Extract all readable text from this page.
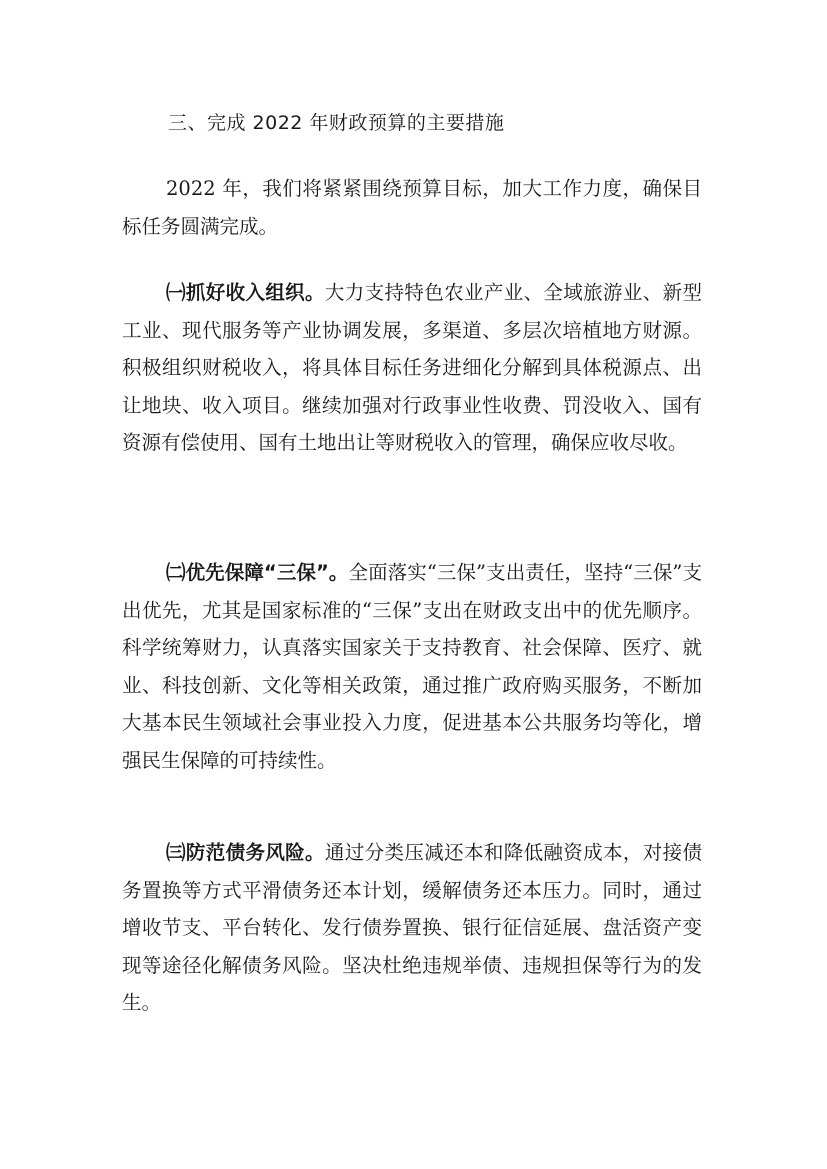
三、完成 2022 年财政预算的主要措施

2022 年，我们将紧紧围绕预算目标，加大工作力度，确保目标任务圆满完成。

㈠抓好收入组织。大力支持特色农业产业、全域旅游业、新型工业、现代服务等产业协调发展，多渠道、多层次培植地方财源。积极组织财税收入，将具体目标任务进细化分解到具体税源点、出让地块、收入项目。继续加强对行政事业性收费、罚没收入、国有资源有偿使用、国有土地出让等财税收入的管理，确保应收尽收。

㈡优先保障“三保”。全面落实“三保”支出责任，坚持“三保”支出优先，尤其是国家标准的“三保”支出在财政支出中的优先顺序。科学统筹财力，认真落实国家关于支持教育、社会保障、医疗、就业、科技创新、文化等相关政策，通过推广政府购买服务，不断加大基本民生领域社会事业投入力度，促进基本公共服务均等化，增强民生保障的可持续性。

㈢防范债务风险。通过分类压减还本和降低融资成本，对接债务置换等方式平滑债务还本计划，缓解债务还本压力。同时，通过增收节支、平台转化、发行债券置换、银行征信延展、盘活资产变现等途径化解债务风险。坚决杜绝违规举债、违规担保等行为的发生。
